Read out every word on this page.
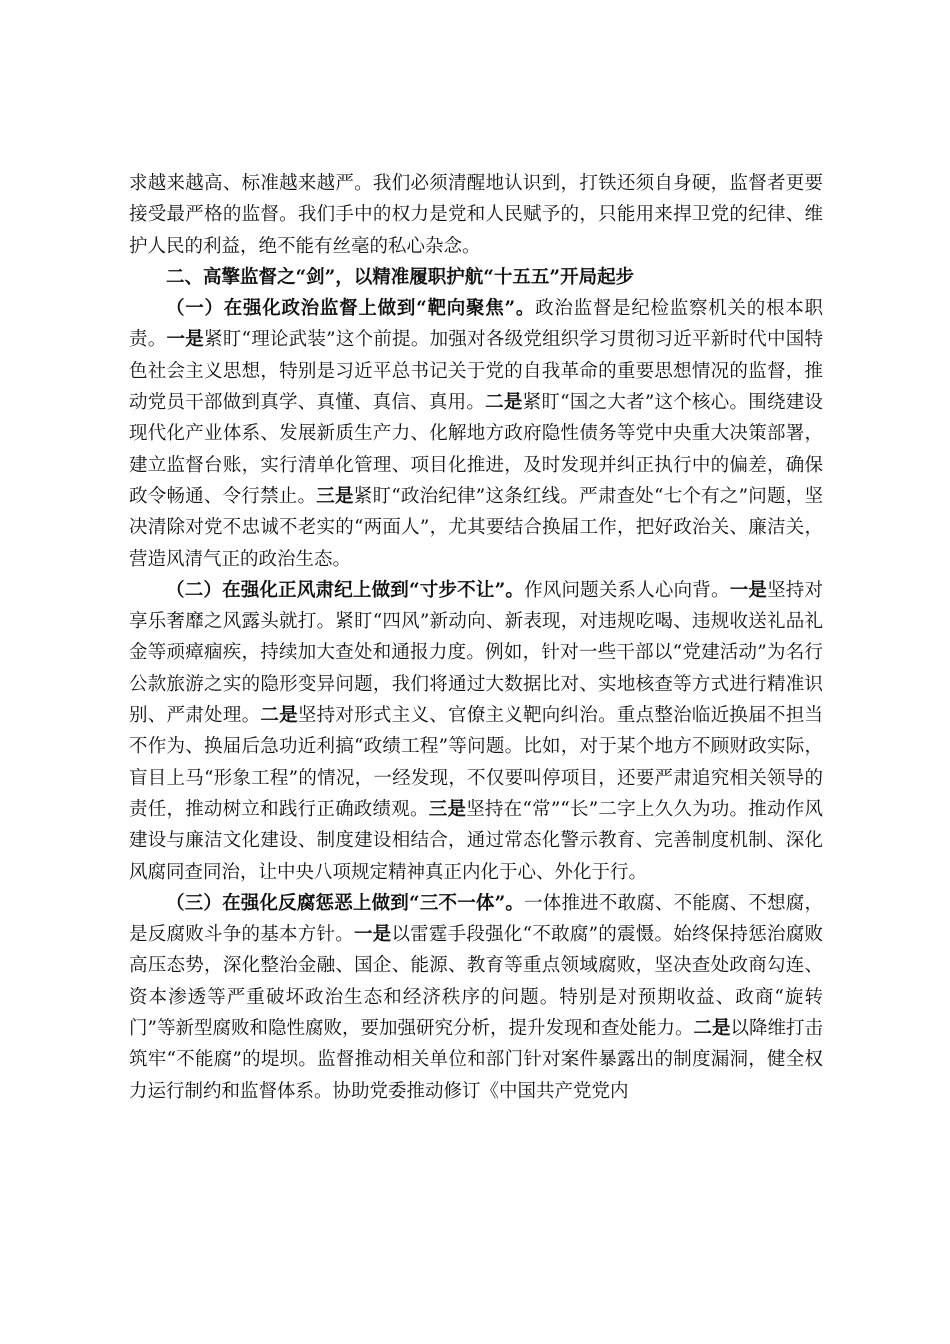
求越来越高、标准越来越严。我们必须清醒地认识到，打铁还须自身硬，监督者更要接受最严格的监督。我们手中的权力是党和人民赋予的，只能用来捍卫党的纪律、维护人民的利益，绝不能有丝毫的私心杂念。

二、高擎监督之“剑”，以精准履职护航“十五五”开局起步

（一）在强化政治监督上做到“靶向聚焦”。政治监督是纪检监察机关的根本职责。一是紧盯“理论武装”这个前提。加强对各级党组织学习贯彻习近平新时代中国特色社会主义思想，特别是习近平总书记关于党的自我革命的重要思想情况的监督，推动党员干部做到真学、真懂、真信、真用。二是紧盯“国之大者”这个核心。围绕建设现代化产业体系、发展新质生产力、化解地方政府隐性债务等党中央重大决策部署，建立监督台账，实行清单化管理、项目化推进，及时发现并纠正执行中的偏差，确保政令畅通、令行禁止。三是紧盯“政治纪律”这条红线。严肃查处“七个有之”问题，坚决清除对党不忠诚不老实的“两面人”，尤其要结合换届工作，把好政治关、廉洁关，营造风清气正的政治生态。

（二）在强化正风肃纪上做到“寸步不让”。作风问题关系人心向背。一是坚持对享乐奢靡之风露头就打。紧盯“四风”新动向、新表现，对违规吃喝、违规收送礼品礼金等顽瘴痼疾，持续加大查处和通报力度。例如，针对一些干部以“党建活动”为名行公款旅游之实的隐形变异问题，我们将通过大数据比对、实地核查等方式进行精准识别、严肃处理。二是坚持对形式主义、官僚主义靶向纠治。重点整治临近换届不担当不作为、换届后急功近利搞“政绩工程”等问题。比如，对于某个地方不顾财政实际，盲目上马“形象工程”的情况，一经发现，不仅要叫停项目，还要严肃追究相关领导的责任，推动树立和践行正确政绩观。三是坚持在“常”“长”二字上久久为功。推动作风建设与廉洁文化建设、制度建设相结合，通过常态化警示教育、完善制度机制、深化风腐同查同治，让中央八项规定精神真正内化于心、外化于行。

（三）在强化反腐惩恶上做到“三不一体”。一体推进不敢腐、不能腐、不想腐，是反腐败斗争的基本方针。一是以雷霆手段强化“不敢腐”的震慑。始终保持惩治腐败高压态势，深化整治金融、国企、能源、教育等重点领域腐败，坚决查处政商勾连、资本渗透等严重破坏政治生态和经济秩序的问题。特别是对预期收益、政商“旋转门”等新型腐败和隐性腐败，要加强研究分析，提升发现和查处能力。二是以降维打击筑牢“不能腐”的堤坝。监督推动相关单位和部门针对案件暴露出的制度漏洞，健全权力运行制约和监督体系。协助党委推动修订《中国共产党党内
